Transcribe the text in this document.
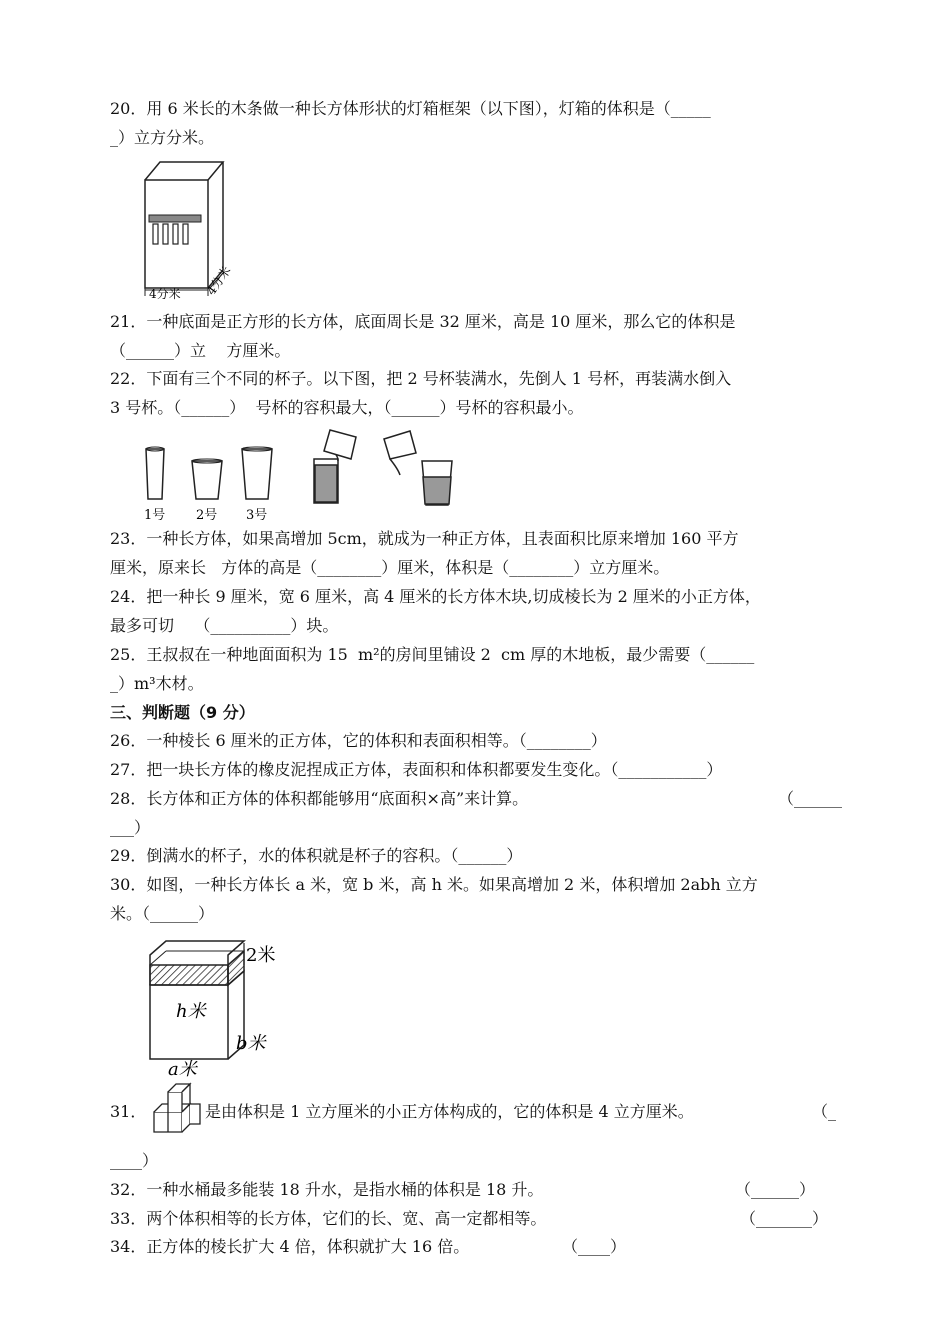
20．用 6 米长的木条做一种长方体形状的灯箱框架（以下图），灯箱的体积是（_____
_）立方分米。
4分米 4分米
21．一种底面是正方形的长方体，底面周长是 32 厘米，高是 10 厘米，那么它的体积是
（______）立    方厘米。
22．下面有三个不同的杯子。以下图，把 2 号杯装满水，先倒人 1 号杯，再装满水倒入
3 号杯。（______）  号杯的容积最大，（______）号杯的容积最小。
1号 2号 3号
23．一种长方体，如果高增加 5cm，就成为一种正方体，且表面积比原来增加 160 平方
厘米，原来长   方体的高是（________）厘米，体积是（________）立方厘米。
24．把一种长 9 厘米，宽 6 厘米，高 4 厘米的长方体木块,切成棱长为 2 厘米的小正方体，
最多可切    （__________）块。
25．王叔叔在一种地面面积为 15  m²的房间里铺设 2  cm 厚的木地板，最少需要（______
_）m³木材。
三、判断题（9 分）
26．一种棱长 6 厘米的正方体，它的体积和表面积相等。（________）
27．把一块长方体的橡皮泥捏成正方体，表面积和体积都要发生变化。（___________）
28．长方体和正方体的体积都能够用“底面积×高”来计算。	（______
___）
29．倒满水的杯子，水的体积就是杯子的容积。（______）
30．如图，一种长方体长 a 米，宽 b 米，高 h 米。如果高增加 2 米，体积增加 2abh 立方
米。（______）
2米
h米
b米
a米
31．	是由体积是 1 立方厘米的小正方体构成的，它的体积是 4 立方厘米。	（_
____）
32．一种水桶最多能装 18 升水，是指水桶的体积是 18 升。	（______）
33．两个体积相等的长方体，它们的长、宽、高一定都相等。	（_______）
34．正方体的棱长扩大 4 倍，体积就扩大 16 倍。	（____）
